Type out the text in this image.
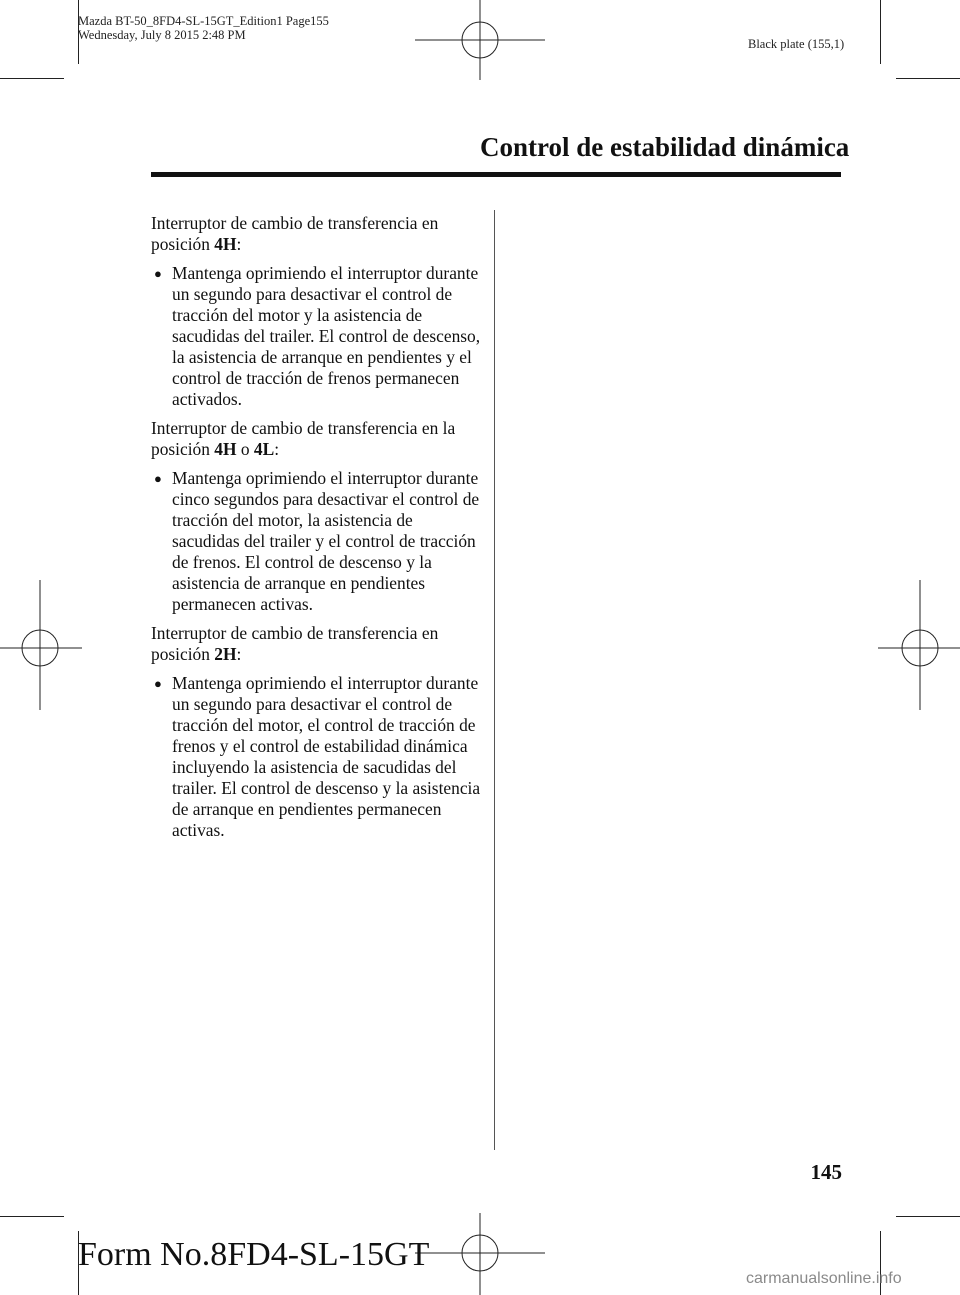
Mazda BT-50_8FD4-SL-15GT_Edition1 Page155
Wednesday, July 8 2015 2:48 PM
Black plate (155,1)
Control de estabilidad dinámica

Interruptor de cambio de transferencia en posición 4H:

● Mantenga oprimiendo el interruptor durante un segundo para desactivar el control de tracción del motor y la asistencia de sacudidas del trailer. El control de descenso, la asistencia de arranque en pendientes y el control de tracción de frenos permanecen activados.

Interruptor de cambio de transferencia en la posición 4H o 4L:

● Mantenga oprimiendo el interruptor durante cinco segundos para desactivar el control de tracción del motor, la asistencia de sacudidas del trailer y el control de tracción de frenos. El control de descenso y la asistencia de arranque en pendientes permanecen activas.

Interruptor de cambio de transferencia en posición 2H:

● Mantenga oprimiendo el interruptor durante un segundo para desactivar el control de tracción del motor, el control de tracción de frenos y el control de estabilidad dinámica incluyendo la asistencia de sacudidas del trailer. El control de descenso y la asistencia de arranque en pendientes permanecen activas.
145
Form No.8FD4-SL-15GT
carmanualsonline.info
